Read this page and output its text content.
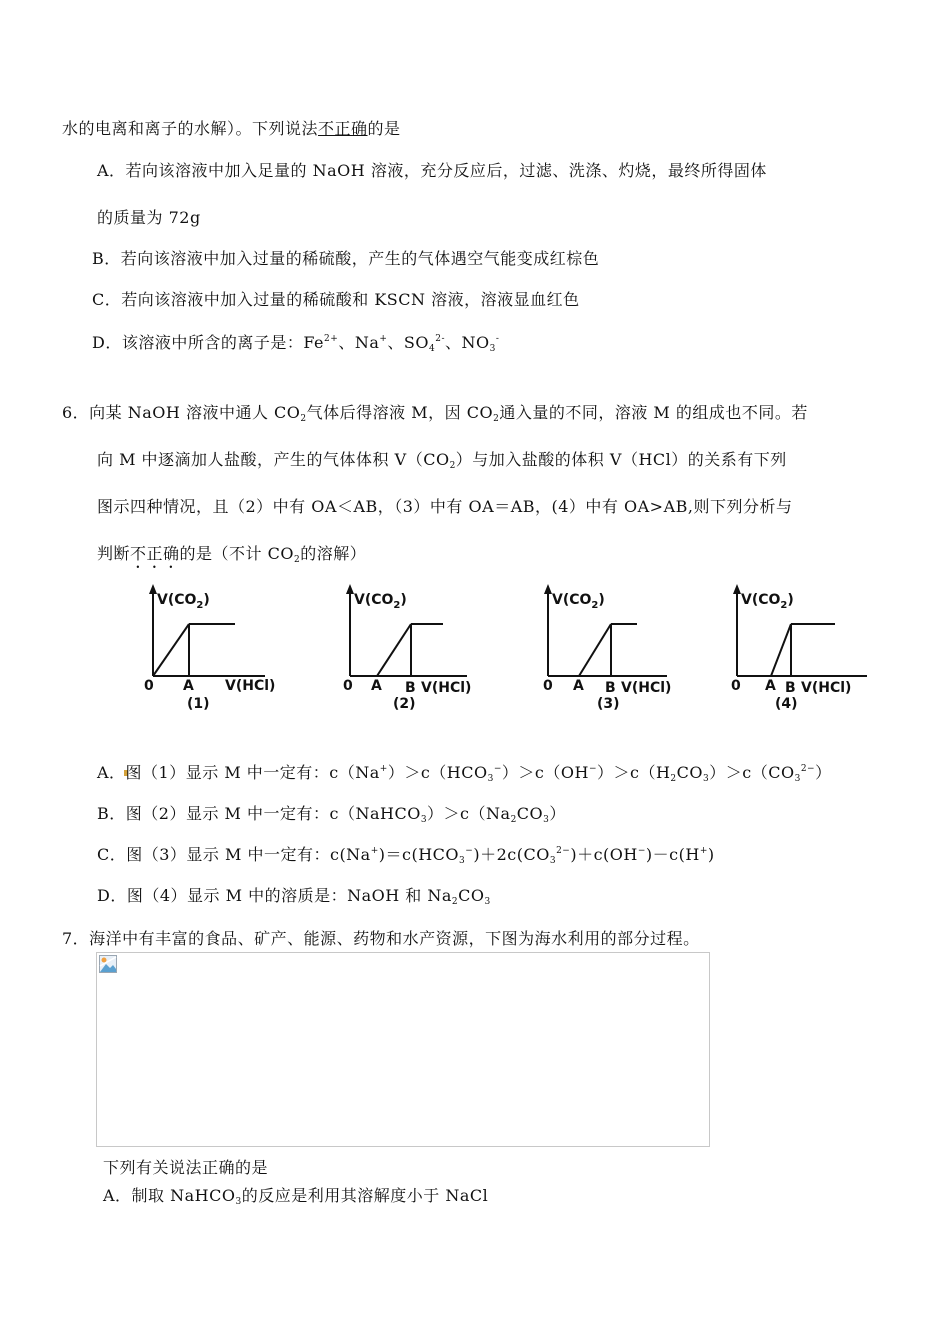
水的电离和离子的水解）。下列说法不正确的是
A．若向该溶液中加入足量的 NaOH 溶液，充分反应后，过滤、洗涤、灼烧，最终所得固体
的质量为 72g
B．若向该溶液中加入过量的稀硫酸，产生的气体遇空气能变成红棕色
C．若向该溶液中加入过量的稀硫酸和 KSCN 溶液，溶液显血红色
D．该溶液中所含的离子是：$Fe^{2+}$、Na+、$SO_4^{2-}$、$NO_3^-$
6．向某 NaOH 溶液中通人 $CO_2$气体后得溶液 M，因 $CO_2$通入量的不同，溶液 M 的组成也不同。若
向 M 中逐滴加人盐酸，产生的气体体积 $V(CO_2)$与加入盐酸的体积 V（HCl）的关系有下列
图示四种情况，且（2）中有 OA＜AB，（3）中有 OA＝AB，(4）中有 OA>AB,则下列分析与
判断不正确的是（不计 $CO_2$的溶解）
$V(CO_2)$
0 A V(HCl)
(1)
$V(CO_2)$
0 A B V(HCl)
(2)
$V(CO_2)$
0 A B V(HCl)
(3)
$V(CO_2)$
0 A B V(HCl)
(4)
A．图（1）显示 M 中一定有：$c(Na^+)>c(HCO_3^-)>c(OH^-)>c(H_2CO_3)>c(CO_3^{2-})$
B．图（2）显示 M 中一定有：$c(NaHCO_3)>c(Na_2CO_3)$
C．图（3）显示 M 中一定有：$c(Na^+)=c(HCO_3^-)+2c(CO_3^{2-})+c(OH^-)-c(H^+)$
D．图（4）显示 M 中的溶质是：NaOH 和 $Na_2CO_3$
7．海洋中有丰富的食品、矿产、能源、药物和水产资源，下图为海水利用的部分过程。
下列有关说法正确的是
A．制取 NaHCO$_3$的反应是利用其溶解度小于 NaCl
